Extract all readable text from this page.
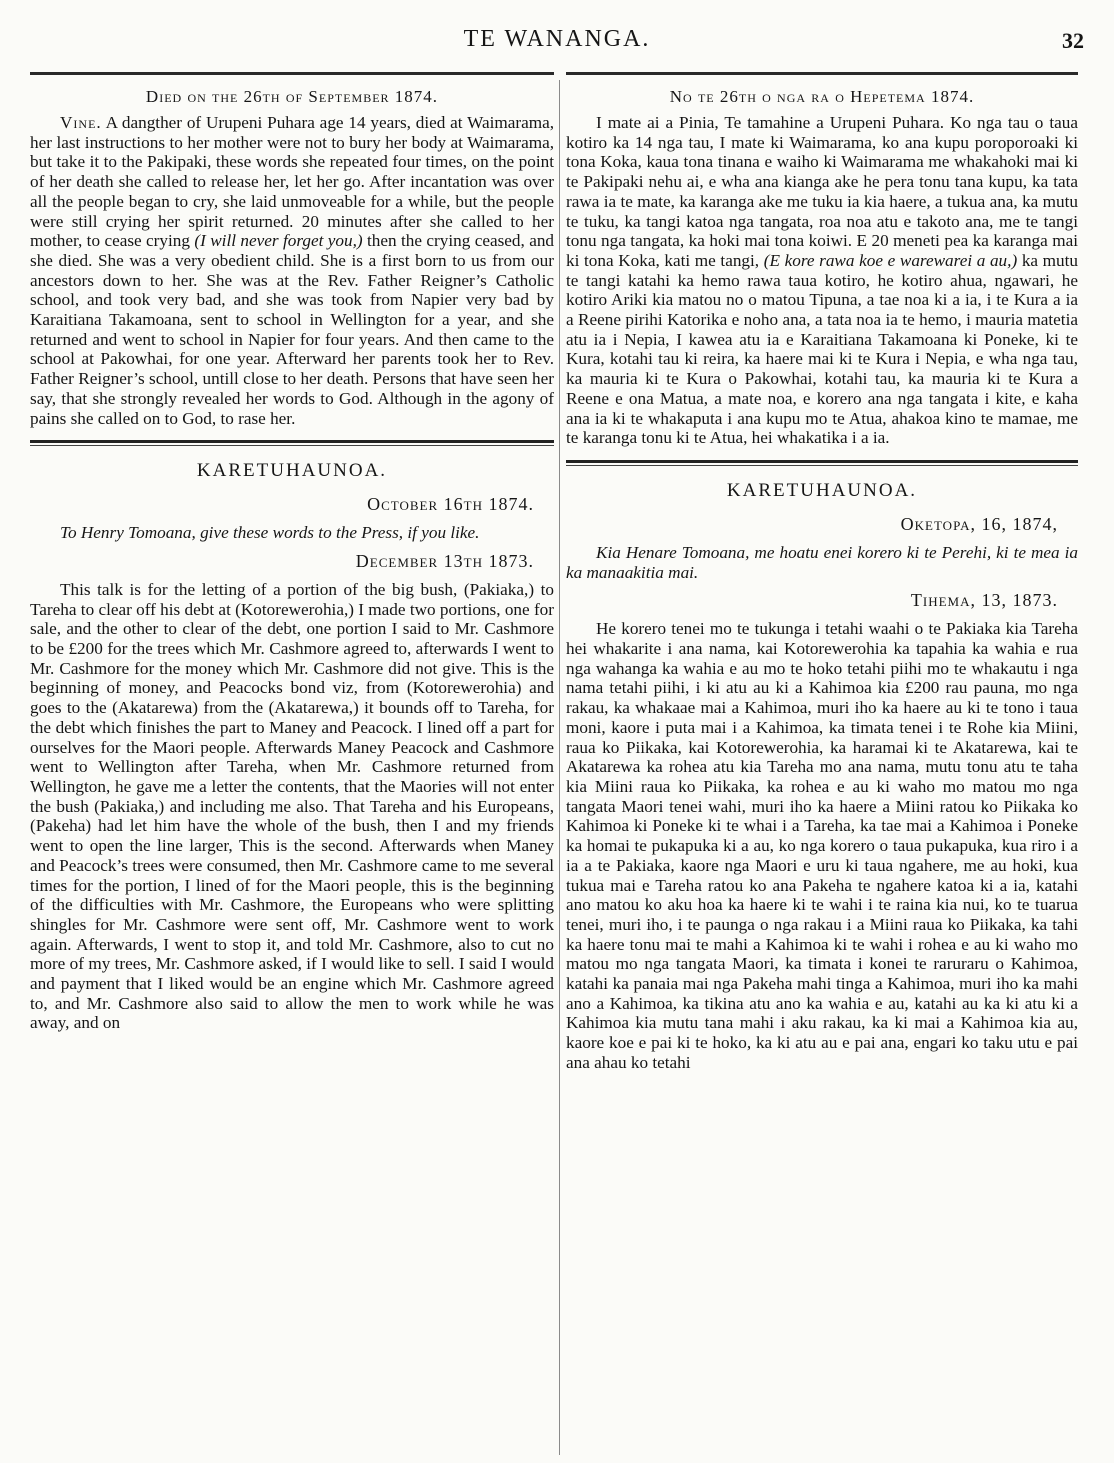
TE WANANGA.	32
Died on the 26th of September 1874.

Vine. A dangther of Urupeni Puhara age 14 years, died at Waimarama, her last instructions to her mother were not to bury her body at Waimarama, but take it to the Pakipaki, these words she repeated four times, on the point of her death she called to release her, let her go. After incantation was over all the people began to cry, she laid unmoveable for a while, but the people were still crying her spirit returned. 20 minutes after she called to her mother, to cease crying (I will never forget you,) then the crying ceased, and she died. She was a very obedient child. She is a first born to us from our ancestors down to her. She was at the Rev. Father Reigner’s Catholic school, and took very bad, and she was took from Napier very bad by Karaitiana Takamoana, sent to school in Wellington for a year, and she returned and went to school in Napier for four years. And then came to the school at Pakowhai, for one year. Afterward her parents took her to Rev. Father Reigner’s school, untill close to her death. Persons that have seen her say, that she strongly revealed her words to God. Although in the agony of pains she called on to God, to rase her.

KARETUHAUNOA.
October 16th 1874.

To Henry Tomoana, give these words to the Press, if you like.

December 13th 1873.

This talk is for the letting of a portion of the big bush, (Pakiaka,) to Tareha to clear off his debt at (Kotorewerohia,) I made two portions, one for sale, and the other to clear of the debt, one portion I said to Mr. Cashmore to be £200 for the trees which Mr. Cashmore agreed to, afterwards I went to Mr. Cashmore for the money which Mr. Cashmore did not give. This is the beginning of money, and Peacocks bond viz, from (Kotorewerohia) and goes to the (Akatarewa) from the (Akatarewa,) it bounds off to Tareha, for the debt which finishes the part to Maney and Peacock. I lined off a part for ourselves for the Maori people. Afterwards Maney Peacock and Cashmore went to Wellington after Tareha, when Mr. Cashmore returned from Wellington, he gave me a letter the contents, that the Maories will not enter the bush (Pakiaka,) and including me also. That Tareha and his Europeans, (Pakeha) had let him have the whole of the bush, then I and my friends went to open the line larger, This is the second. Afterwards when Maney and Peacock’s trees were consumed, then Mr. Cashmore came to me several times for the portion, I lined of for the Maori people, this is the beginning of the difficulties with Mr. Cashmore, the Europeans who were splitting shingles for Mr. Cashmore were sent off, Mr. Cashmore went to work again. Afterwards, I went to stop it, and told Mr. Cashmore, also to cut no more of my trees, Mr. Cashmore asked, if I would like to sell. I said I would and payment that I liked would be an engine which Mr. Cashmore agreed to, and Mr. Cashmore also said to allow the men to work while he was away, and on

No te 26th o nga ra o Hepetema 1874.

I mate ai a Pinia, Te tamahine a Urupeni Puhara. Ko nga tau o taua kotiro ka 14 nga tau, I mate ki Waimarama, ko ana kupu poroporoaki ki tona Koka, kaua tona tinana e waiho ki Waimarama me whakahoki mai ki te Pakipaki nehu ai, e wha ana kianga ake he pera tonu tana kupu, ka tata rawa ia te mate, ka karanga ake me tuku ia kia haere, a tukua ana, ka mutu te tuku, ka tangi katoa nga tangata, roa noa atu e takoto ana, me te tangi tonu nga tangata, ka hoki mai tona koiwi. E 20 meneti pea ka karanga mai ki tona Koka, kati me tangi, (E kore rawa koe e warewarei a au,) ka mutu te tangi katahi ka hemo rawa taua kotiro, he kotiro ahua, ngawari, he kotiro Ariki kia matou no o matou Tipuna, a tae noa ki a ia, i te Kura a ia a Reene pirihi Katorika e noho ana, a tata noa ia te hemo, i mauria matetia atu ia i Nepia, I kawea atu ia e Karaitiana Takamoana ki Poneke, ki te Kura, kotahi tau ki reira, ka haere mai ki te Kura i Nepia, e wha nga tau, ka mauria ki te Kura o Pakowhai, kotahi tau, ka mauria ki te Kura a Reene e ona Matua, a mate noa, e korero ana nga tangata i kite, e kaha ana ia ki te whakaputa i ana kupu mo te Atua, ahakoa kino te mamae, me te karanga tonu ki te Atua, hei whakatika i a ia.

KARETUHAUNOA.
Oketopa, 16, 1874,

Kia Henare Tomoana, me hoatu enei korero ki te Perehi, ki te mea ia ka manaakitia mai.

Tihema, 13, 1873.

He korero tenei mo te tukunga i tetahi waahi o te Pakiaka kia Tareha hei whakarite i ana nama, kai Kotorewerohia ka tapahia ka wahia e rua nga wahanga ka wahia e au mo te hoko tetahi piihi mo te whakautu i nga nama tetahi piihi, i ki atu au ki a Kahimoa kia £200 rau pauna, mo nga rakau, ka whakaae mai a Kahimoa, muri iho ka haere au ki te tono i taua moni, kaore i puta mai i a Kahimoa, ka timata tenei i te Rohe kia Miini, raua ko Piikaka, kai Kotorewerohia, ka haramai ki te Akatarewa, kai te Akatarewa ka rohea atu kia Tareha mo ana nama, mutu tonu atu te taha kia Miini raua ko Piikaka, ka rohea e au ki waho mo matou mo nga tangata Maori tenei wahi, muri iho ka haere a Miini ratou ko Piikaka ko Kahimoa ki Poneke ki te whai i a Tareha, ka tae mai a Kahimoa i Poneke ka homai te pukapuka ki a au, ko nga korero o taua pukapuka, kua riro i a ia a te Pakiaka, kaore nga Maori e uru ki taua ngahere, me au hoki, kua tukua mai e Tareha ratou ko ana Pakeha te ngahere katoa ki a ia, katahi ano matou ko aku hoa ka haere ki te wahi i te raina kia nui, ko te tuarua tenei, muri iho, i te paunga o nga rakau i a Miini raua ko Piikaka, ka tahi ka haere tonu mai te mahi a Kahimoa ki te wahi i rohea e au ki waho mo matou mo nga tangata Maori, ka timata i konei te raruraru o Kahimoa, katahi ka panaia mai nga Pakeha mahi tinga a Kahimoa, muri iho ka mahi ano a Kahimoa, ka tikina atu ano ka wahia e au, katahi au ka ki atu ki a Kahimoa kia mutu tana mahi i aku rakau, ka ki mai a Kahimoa kia au, kaore koe e pai ki te hoko, ka ki atu au e pai ana, engari ko taku utu e pai ana ahau ko tetahi
